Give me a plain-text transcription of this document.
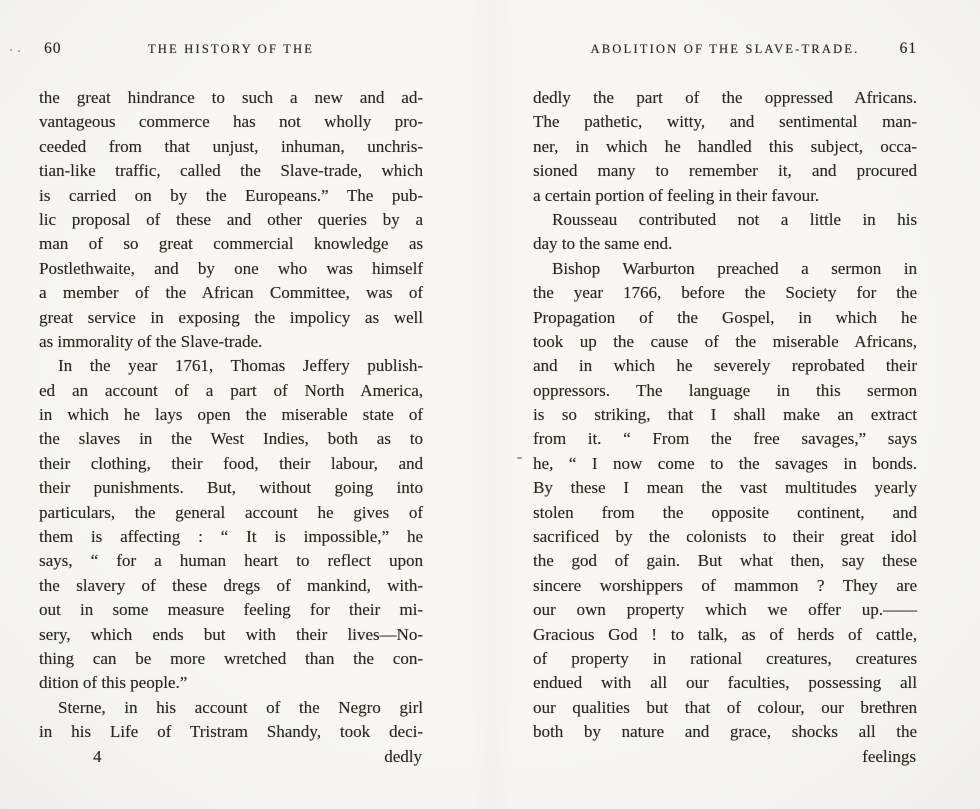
60	THE HISTORY OF THE
the great hindrance to such a new and ad-
vantageous commerce has not wholly pro-
ceeded from that unjust, inhuman, unchris-
tian-like traffic, called the Slave-trade, which
is carried on by the Europeans.” The pub-
lic proposal of these and other queries by a
man of so great commercial knowledge as
Postlethwaite, and by one who was himself
a member of the African Committee, was of
great service in exposing the impolicy as well
as immorality of the Slave-trade.
In the year 1761, Thomas Jeffery publish-
ed an account of a part of North America,
in which he lays open the miserable state of
the slaves in the West Indies, both as to
their clothing, their food, their labour, and
their punishments. But, without going into
particulars, the general account he gives of
them is affecting : “ It is impossible,” he
says, “ for a human heart to reflect upon
the slavery of these dregs of mankind, with-
out in some measure feeling for their mi-
sery, which ends but with their lives—No-
thing can be more wretched than the con-
dition of this people.”
Sterne, in his account of the Negro girl
in his Life of Tristram Shandy, took deci-
4	dedly
ABOLITION OF THE SLAVE-TRADE.	61
dedly the part of the oppressed Africans.
The pathetic, witty, and sentimental man-
ner, in which he handled this subject, occa-
sioned many to remember it, and procured
a certain portion of feeling in their favour.
Rousseau contributed not a little in his
day to the same end.
Bishop Warburton preached a sermon in
the year 1766, before the Society for the
Propagation of the Gospel, in which he
took up the cause of the miserable Africans,
and in which he severely reprobated their
oppressors. The language in this sermon
is so striking, that I shall make an extract
from it. “ From the free savages,” says
he, “ I now come to the savages in bonds.
By these I mean the vast multitudes yearly
stolen from the opposite continent, and
sacrificed by the colonists to their great idol
the god of gain. But what then, say these
sincere worshippers of mammon ? They are
our own property which we offer up.——
Gracious God ! to talk, as of herds of cattle,
of property in rational creatures, creatures
endued with all our faculties, possessing all
our qualities but that of colour, our brethren
both by nature and grace, shocks all the
feelings
